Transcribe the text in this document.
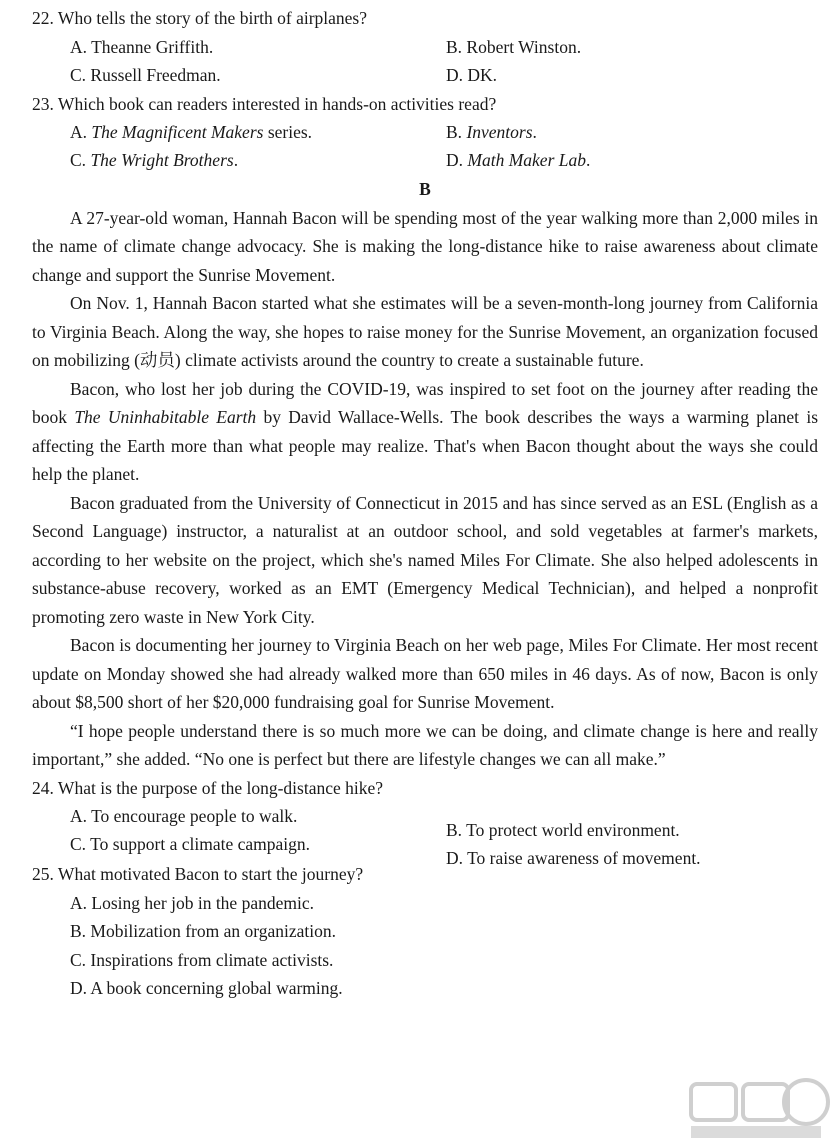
22. Who tells the story of the birth of airplanes?

A. Theanne Griffith.	B. Robert Winston.
C. Russell Freedman.	D. DK.

23. Which book can readers interested in hands-on activities read?

A. The Magnificent Makers series.	B. Inventors.
C. The Wright Brothers.	D. Math Maker Lab.

B

A 27-year-old woman, Hannah Bacon will be spending most of the year walking more than 2,000 miles in the name of climate change advocacy. She is making the long-distance hike to raise awareness about climate change and support the Sunrise Movement.

On Nov. 1, Hannah Bacon started what she estimates will be a seven-month-long journey from California to Virginia Beach. Along the way, she hopes to raise money for the Sunrise Movement, an organization focused on mobilizing (动员) climate activists around the country to create a sustainable future.

Bacon, who lost her job during the COVID-19, was inspired to set foot on the journey after reading the book The Uninhabitable Earth by David Wallace-Wells. The book describes the ways a warming planet is affecting the Earth more than what people may realize. That's when Bacon thought about the ways she could help the planet.

Bacon graduated from the University of Connecticut in 2015 and has since served as an ESL (English as a Second Language) instructor, a naturalist at an outdoor school, and sold vegetables at farmer's markets, according to her website on the project, which she's named Miles For Climate. She also helped adolescents in substance-abuse recovery, worked as an EMT (Emergency Medical Technician), and helped a nonprofit promoting zero waste in New York City.

Bacon is documenting her journey to Virginia Beach on her web page, Miles For Climate. Her most recent update on Monday showed she had already walked more than 650 miles in 46 days. As of now, Bacon is only about $8,500 short of her $20,000 fundraising goal for Sunrise Movement.

“I hope people understand there is so much more we can be doing, and climate change is here and really important,” she added. “No one is perfect but there are lifestyle changes we can all make.”

24. What is the purpose of the long-distance hike?

A. To encourage people to walk.
B. To protect world environment.
C. To support a climate campaign.
D. To raise awareness of movement.

25. What motivated Bacon to start the journey?

A. Losing her job in the pandemic.
B. Mobilization from an organization.
C. Inspirations from climate activists.
D. A book concerning global warming.
